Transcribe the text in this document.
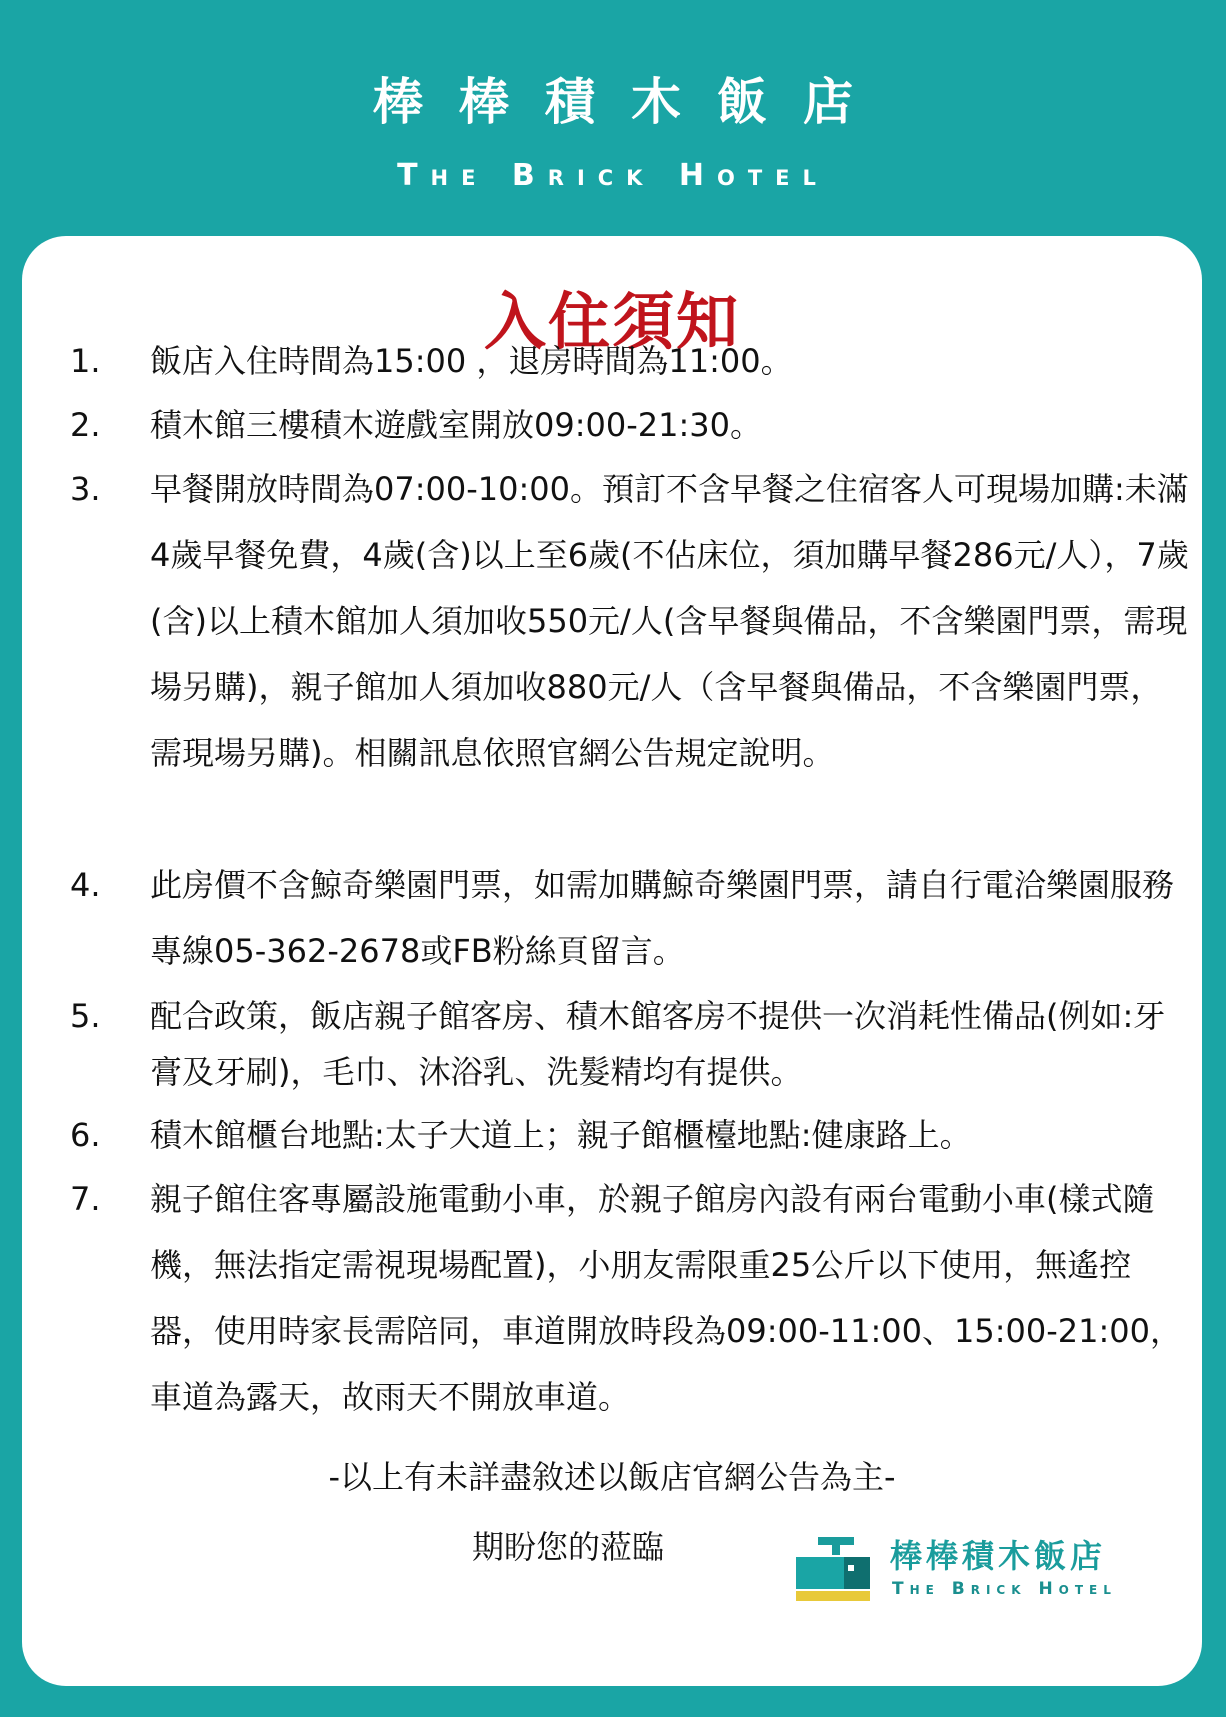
棒棒積木飯店
The Brick Hotel
入住須知
1.	飯店入住時間為15:00 ，退房時間為11:00。
2.	積木館三樓積木遊戲室開放09:00-21:30。
3.	早餐開放時間為07:00-10:00。預訂不含早餐之住宿客人可現場加購:未滿4歲早餐免費，4歲(含)以上至6歲(不佔床位，須加購早餐286元/人），7歲(含)以上積木館加人須加收550元/人(含早餐與備品，不含樂園門票，需現場另購)，親子館加人須加收880元/人（含早餐與備品，不含樂園門票，需現場另購)。相關訊息依照官網公告規定說明。
4.	此房價不含鯨奇樂園門票，如需加購鯨奇樂園門票，請自行電洽樂園服務專線05-362-2678或FB粉絲頁留言。
5.	配合政策，飯店親子館客房、積木館客房不提供一次消耗性備品(例如:牙膏及牙刷)，毛巾、沐浴乳、洗髮精均有提供。
6.	積木館櫃台地點:太子大道上；親子館櫃檯地點:健康路上。
7.	親子館住客專屬設施電動小車，於親子館房內設有兩台電動小車(樣式隨機，無法指定需視現場配置)，小朋友需限重25公斤以下使用，無遙控器，使用時家長需陪同，車道開放時段為09:00-11:00、15:00-21:00，車道為露天，故雨天不開放車道。
-以上有未詳盡敘述以飯店官網公告為主-
期盼您的蒞臨	棒棒積木飯店
The Brick Hotel
